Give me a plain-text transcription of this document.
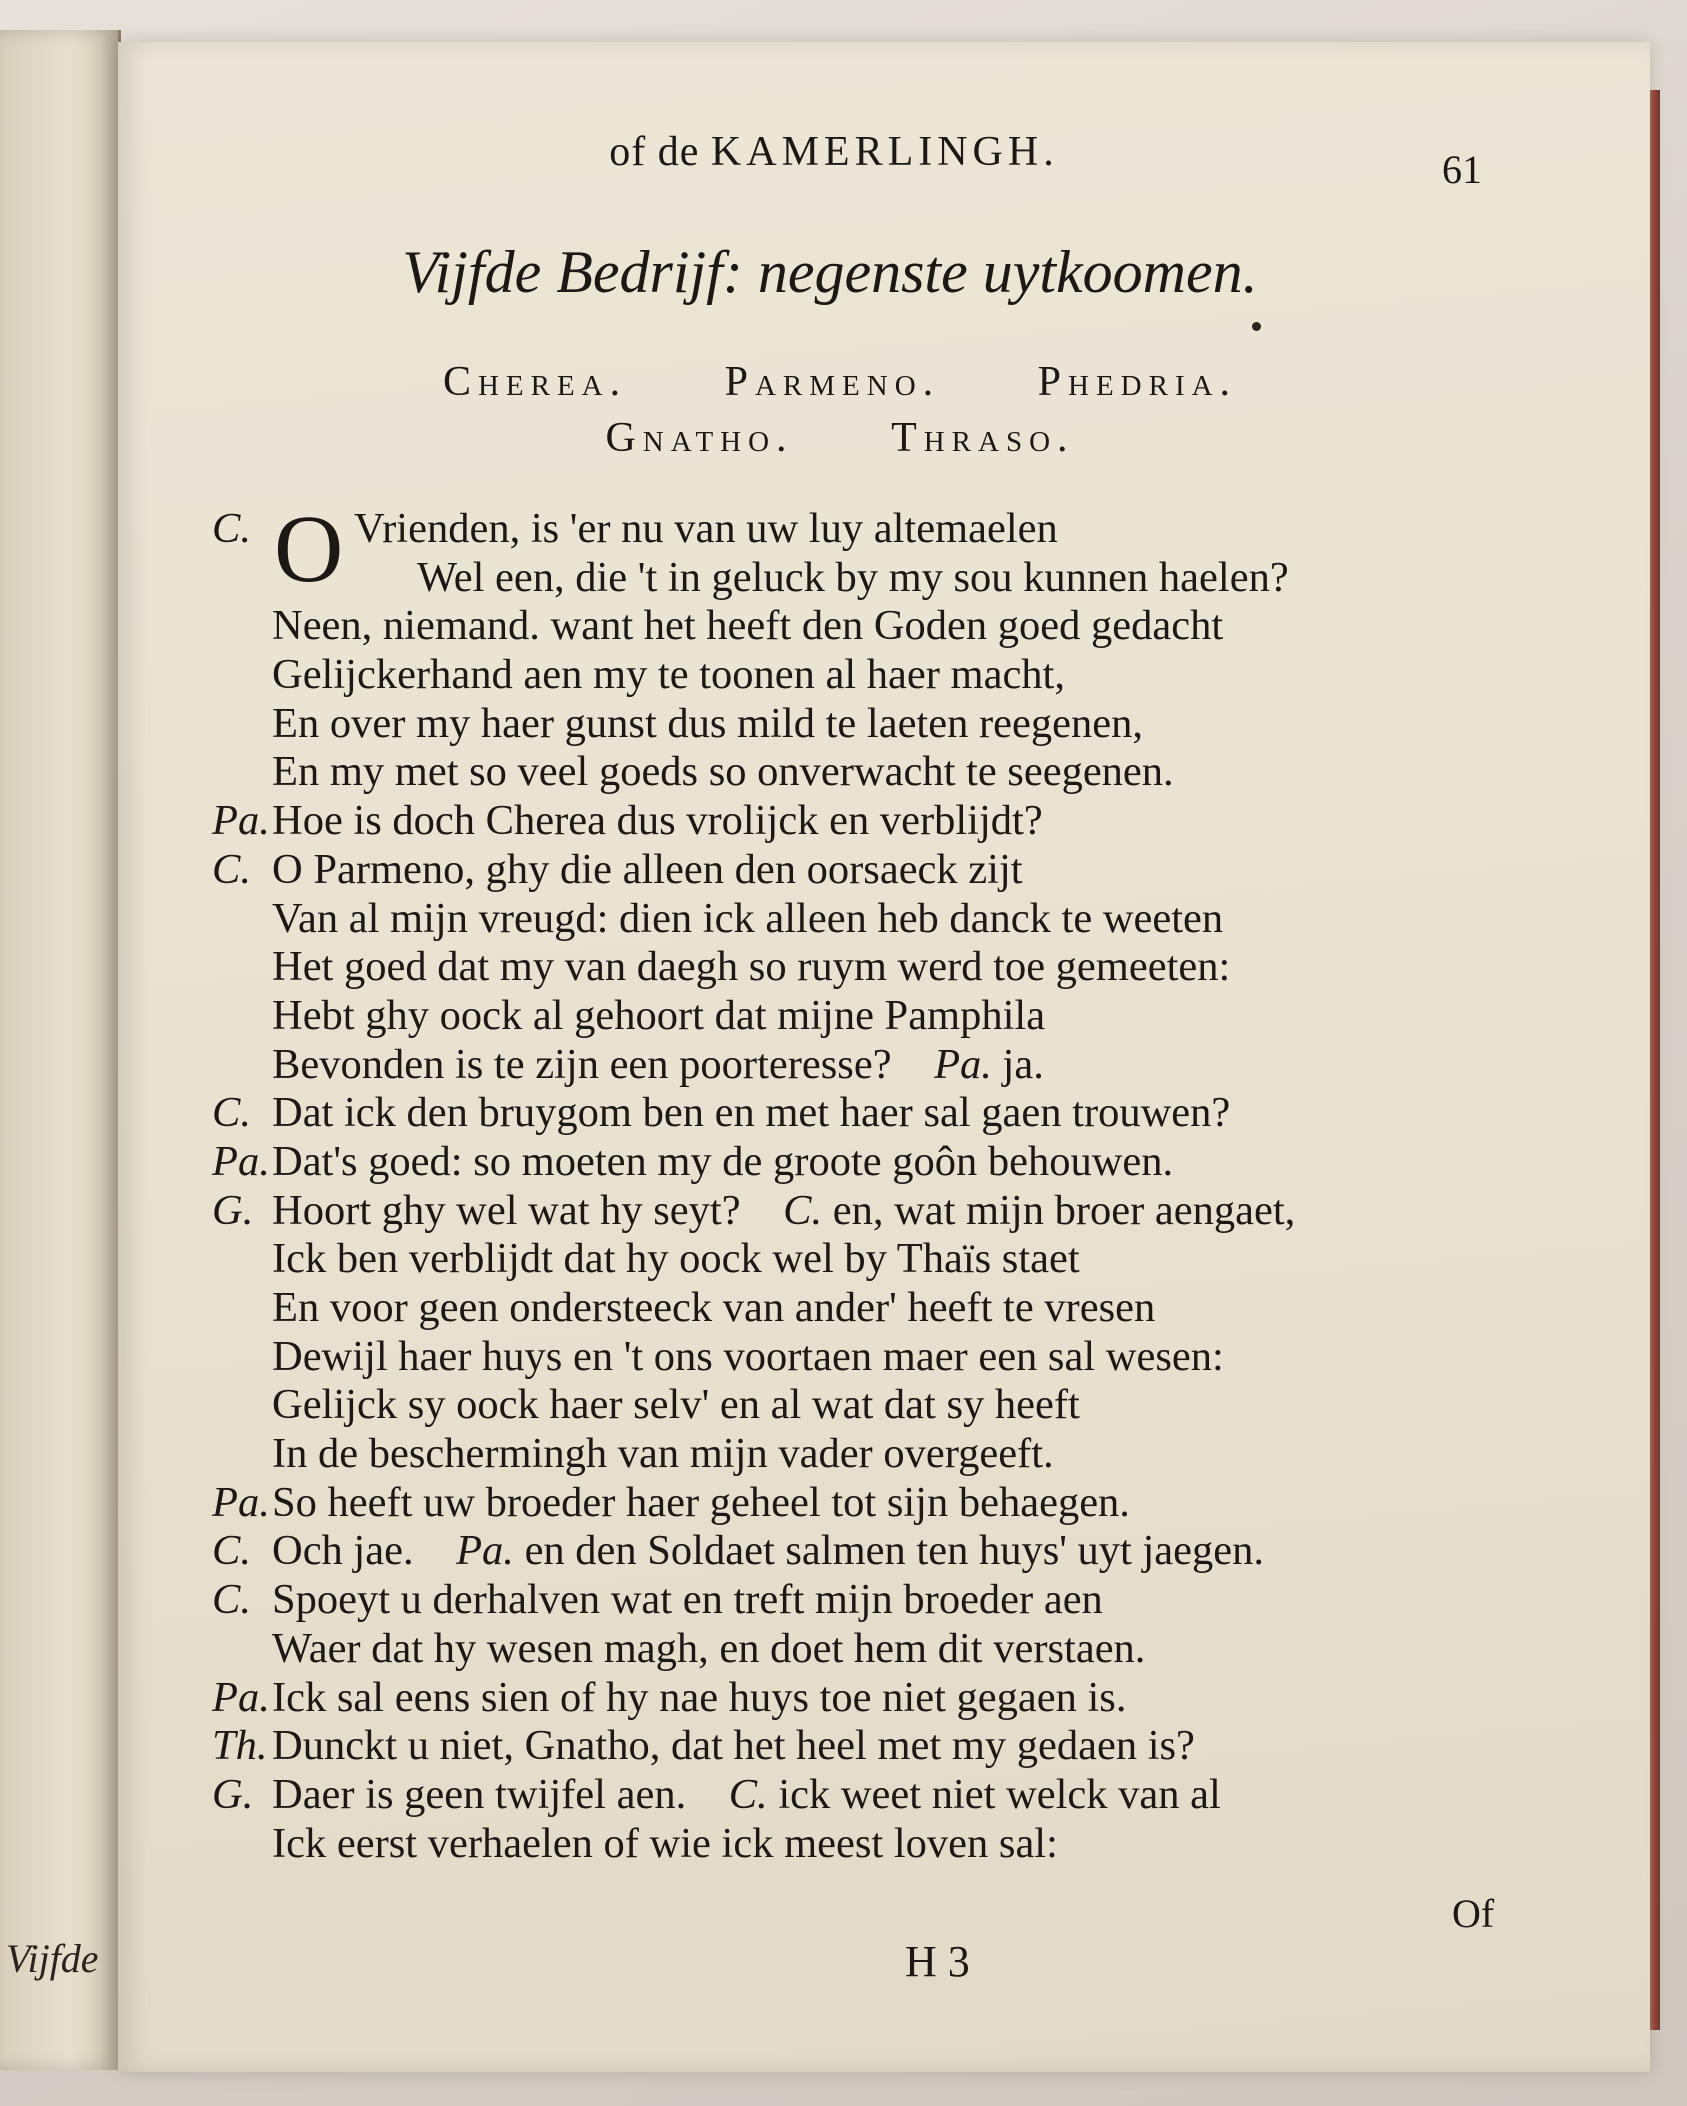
Vijfde
of de KAMERLINGH.	61
Vijfde Bedrijf: negenste uytkoomen.
Cherea. Parmeno. Phedria.
Gnatho. Thraso.
C. O Vrienden, is 'er nu van uw luy altemaelen
Wel een, die 't in geluck by my sou kunnen haelen?
Neen, niemand. want het heeft den Goden goed gedacht
Gelijckerhand aen my te toonen al haer macht,
En over my haer gunst dus mild te laeten reegenen,
En my met so veel goeds so onverwacht te seegenen.
Pa. Hoe is doch Cherea dus vrolijck en verblijdt?
C. O Parmeno, ghy die alleen den oorsaeck zijt
Van al mijn vreugd: dien ick alleen heb danck te weeten
Het goed dat my van daegh so ruym werd toe gemeeten:
Hebt ghy oock al gehoort dat mijne Pamphila
Bevonden is te zijn een poorteresse?  Pa. ja.
C. Dat ick den bruygom ben en met haer sal gaen trouwen?
Pa. Dat's goed: so moeten my de groote goôn behouwen.
G. Hoort ghy wel wat hy seyt?  C. en, wat mijn broer aengaet,
Ick ben verblijdt dat hy oock wel by Thaïs staet
En voor geen ondersteeck van ander' heeft te vresen
Dewijl haer huys en 't ons voortaen maer een sal wesen:
Gelijck sy oock haer selv' en al wat dat sy heeft
In de beschermingh van mijn vader overgeeft.
Pa. So heeft uw broeder haer geheel tot sijn behaegen.
C. Och jae.  Pa. en den Soldaet salmen ten huys' uyt jaegen.
C. Spoeyt u derhalven wat en treft mijn broeder aen
Waer dat hy wesen magh, en doet hem dit verstaen.
Pa. Ick sal eens sien of hy nae huys toe niet gegaen is.
Th. Dunckt u niet, Gnatho, dat het heel met my gedaen is?
G. Daer is geen twijfel aen.  C. ick weet niet welck van al
Ick eerst verhaelen of wie ick meest loven sal:
Of
H 3
